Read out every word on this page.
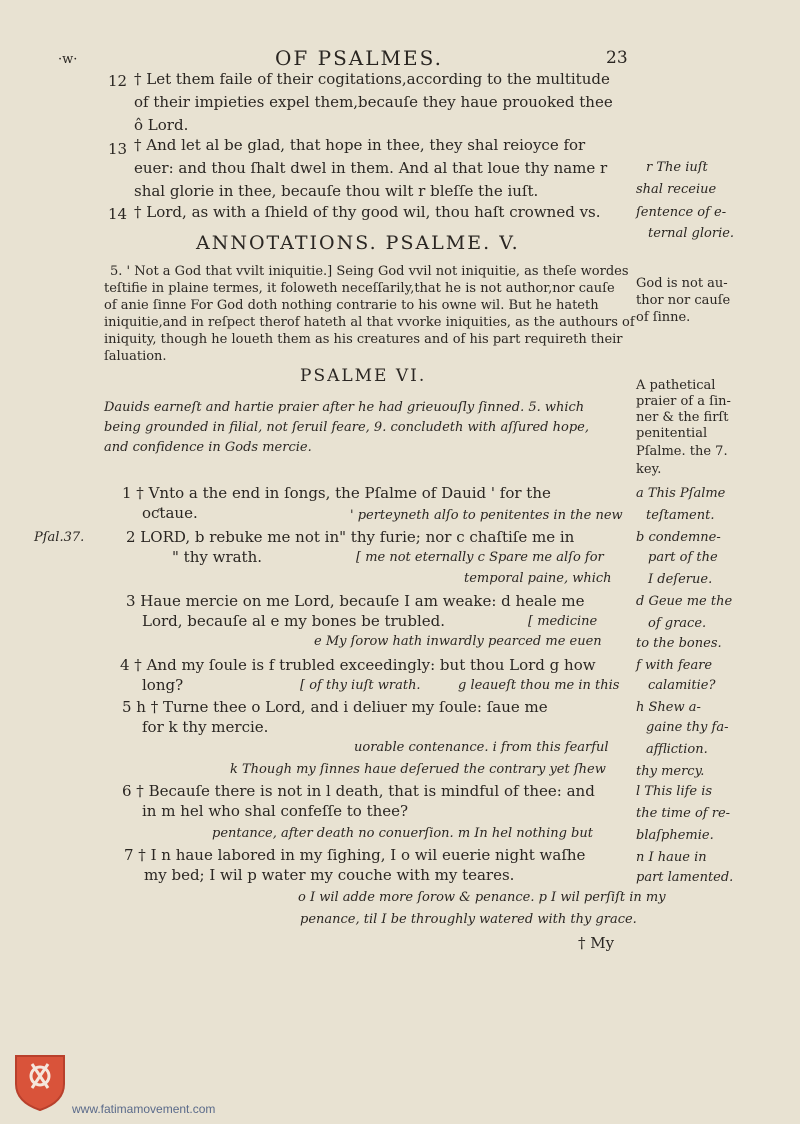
·w·	OF PSALMES.	23
12 † Let them faile of their cogitations,according to the multitude
of their impieties expel them,becauſe they haue prouoked thee
ô Lord.
13 † And let al be glad, that hope in thee, they shal reioyce for
euer: and thou ſhalt dwel in them. And al that loue thy name r
shal glorie in thee, becauſe thou wilt r bleſſe the iuſt.
14 † Lord, as with a ſhield of thy good wil, thou haſt crowned vs.
r The iuſt
shal receiue
ſentence of e-
ternal glorie.
ANNOTATIONS. PSALME. V.
5. ' Not a God that vvilt iniquitie.] Seing God vvil not iniquitie, as theſe wordes
teſtifie in plaine termes, it foloweth neceſſarily,that he is not author,nor cauſe
of anie ſinne For God doth nothing contrarie to his owne wil. But he hateth
iniquitie,and in reſpect therof hateth al that vvorke iniquities, as the authours of
iniquity, though he loueth them as his creatures and of his part requireth their
ſaluation.
God is not au-
thor nor cauſe
of ſinne.
PSALME VI.
Dauids earneſt and hartie praier after he had grieuouſly ſinned. 5. which
being grounded in filial, not ſeruil feare, 9. concludeth with aſſured hope,
and confidence in Gods mercie.
A pathetical
praier of a ſin-
ner & the firſt
penitential
Pſalme. the 7.
key.
Pſal.37.
1 † Vnto a the end in ſongs, the Pſalme of Dauid ' for the
oƈtaue.	' perteyneth alſo to penitentes in the new
2 LORD, b rebuke me not in" thy furie; nor c chaſtiſe me in
" thy wrath.	[ me not eternally c Spare me alſo for
temporal paine, which
3 Haue mercie on me Lord, becauſe I am weake: d heale me
Lord, becauſe al e my bones be trubled.	[ medicine
e My ſorow hath inwardly pearced me euen
4 † And my ſoule is f trubled exceedingly: but thou Lord g how
long?	[ of thy iuſt wrath.	g leaueſt thou me in this
5 h † Turne thee o Lord, and i deliuer my ſoule: ſaue me
for k thy mercie.
uorable contenance. i from this fearful
k Though my ſinnes haue deſerued the contrary yet ſhew
6 † Becauſe there is not in l death, that is mindful of thee: and
in m hel who shal confeſſe to thee?
pentance, after death no conuerſion. m In hel nothing but
7 † I n haue labored in my ſighing, I o wil euerie night waſhe
my bed; I wil p water my couche with my teares.
o I wil adde more ſorow & penance. p I wil perſiſt in my
penance, til I be throughly watered with thy grace.
† My
a This Pſalme
teſtament.
b condemne-
part of the
I deſerue.
d Geue me the
of grace.
to the bones.
f with feare
calamitie?
h Shew a-
gaine thy fa-
affliction.
thy mercy.
l This life is
the time of re-
blaſphemie.
n I haue in
part lamented.
www.fatimamovement.com
